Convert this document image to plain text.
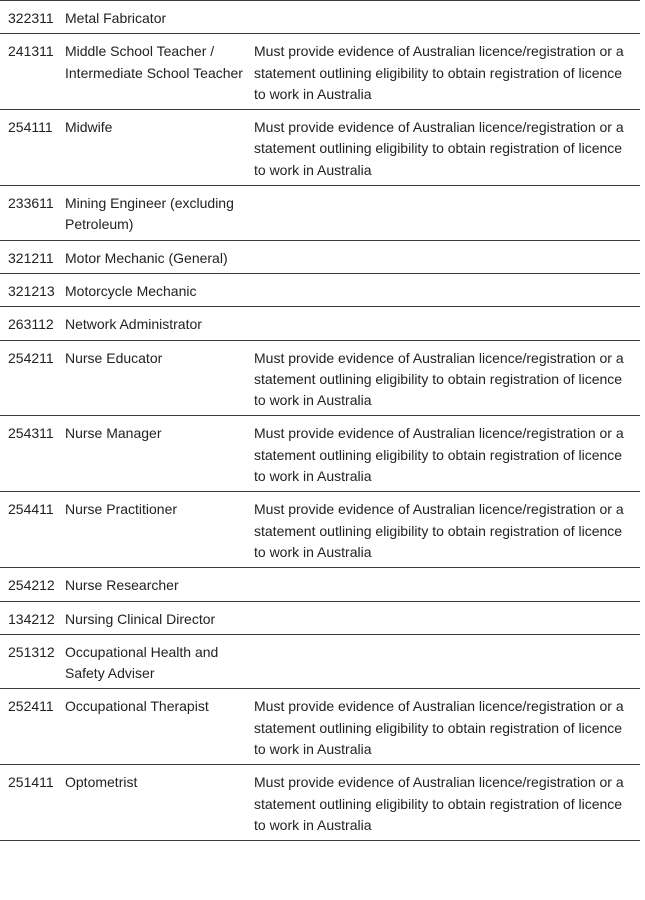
322311	Metal Fabricator	
241311	Middle School Teacher / Intermediate School Teacher	Must provide evidence of Australian licence/registration or a statement outlining eligibility to obtain registration of licence to work in Australia
254111	Midwife	Must provide evidence of Australian licence/registration or a statement outlining eligibility to obtain registration of licence to work in Australia
233611	Mining Engineer (excluding Petroleum)	
321211	Motor Mechanic (General)	
321213	Motorcycle Mechanic	
263112	Network Administrator	
254211	Nurse Educator	Must provide evidence of Australian licence/registration or a statement outlining eligibility to obtain registration of licence to work in Australia
254311	Nurse Manager	Must provide evidence of Australian licence/registration or a statement outlining eligibility to obtain registration of licence to work in Australia
254411	Nurse Practitioner	Must provide evidence of Australian licence/registration or a statement outlining eligibility to obtain registration of licence to work in Australia
254212	Nurse Researcher	
134212	Nursing Clinical Director	
251312	Occupational Health and Safety Adviser	
252411	Occupational Therapist	Must provide evidence of Australian licence/registration or a statement outlining eligibility to obtain registration of licence to work in Australia
251411	Optometrist	Must provide evidence of Australian licence/registration or a statement outlining eligibility to obtain registration of licence to work in Australia
